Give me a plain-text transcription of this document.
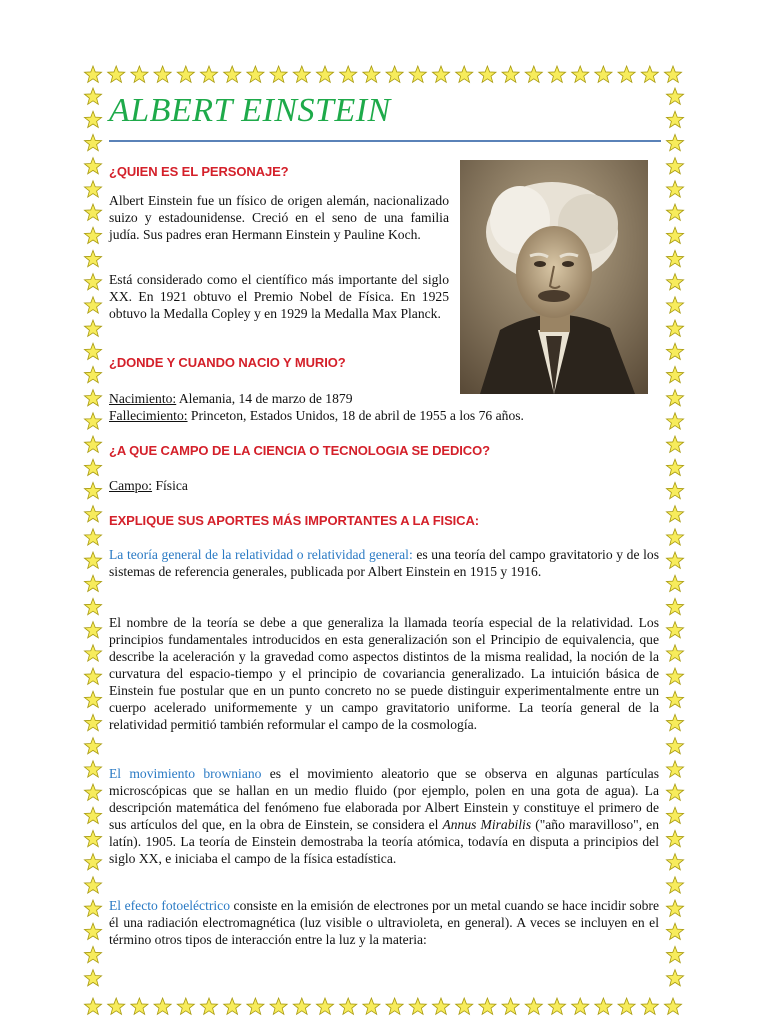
ALBERT EINSTEIN

¿QUIEN ES EL PERSONAJE?

Albert Einstein fue un físico de origen alemán, nacionalizado suizo y estadounidense. Creció en el seno de una familia judía. Sus padres eran Hermann Einstein y Pauline Koch.

Está considerado como el científico más importante del siglo XX. En 1921 obtuvo el Premio Nobel de Física. En 1925 obtuvo la Medalla Copley y en 1929 la Medalla Max Planck.

¿DONDE Y CUANDO NACIO Y MURIO?

Nacimiento: Alemania, 14 de marzo de 1879

Fallecimiento: Princeton, Estados Unidos, 18 de abril de 1955 a los 76 años.

¿A QUE CAMPO DE LA CIENCIA O TECNOLOGIA SE DEDICO?

Campo: Física

EXPLIQUE SUS APORTES MÁS IMPORTANTES A LA FISICA:

La teoría general de la relatividad o relatividad general: es una teoría del campo gravitatorio y de los sistemas de referencia generales, publicada por Albert Einstein en 1915 y 1916.

El nombre de la teoría se debe a que generaliza la llamada teoría especial de la relatividad. Los principios fundamentales introducidos en esta generalización son el Principio de equivalencia, que describe la aceleración y la gravedad como aspectos distintos de la misma realidad, la noción de la curvatura del espacio-tiempo y el principio de covariancia generalizado. La intuición básica de Einstein fue postular que en un punto concreto no se puede distinguir experimentalmente entre un cuerpo acelerado uniformemente y un campo gravitatorio uniforme. La teoría general de la relatividad permitió también reformular el campo de la cosmología.

El movimiento browniano es el movimiento aleatorio que se observa en algunas partículas microscópicas que se hallan en un medio fluido (por ejemplo, polen en una gota de agua). La descripción matemática del fenómeno fue elaborada por Albert Einstein y constituye el primero de sus artículos del que, en la obra de Einstein, se considera el Annus Mirabilis ("año maravilloso", en latín). 1905. La teoría de Einstein demostraba la teoría atómica, todavía en disputa a principios del siglo XX, e iniciaba el campo de la física estadística.

El efecto fotoeléctrico consiste en la emisión de electrones por un metal cuando se hace incidir sobre él una radiación electromagnética (luz visible o ultravioleta, en general). A veces se incluyen en el término otros tipos de interacción entre la luz y la materia:
